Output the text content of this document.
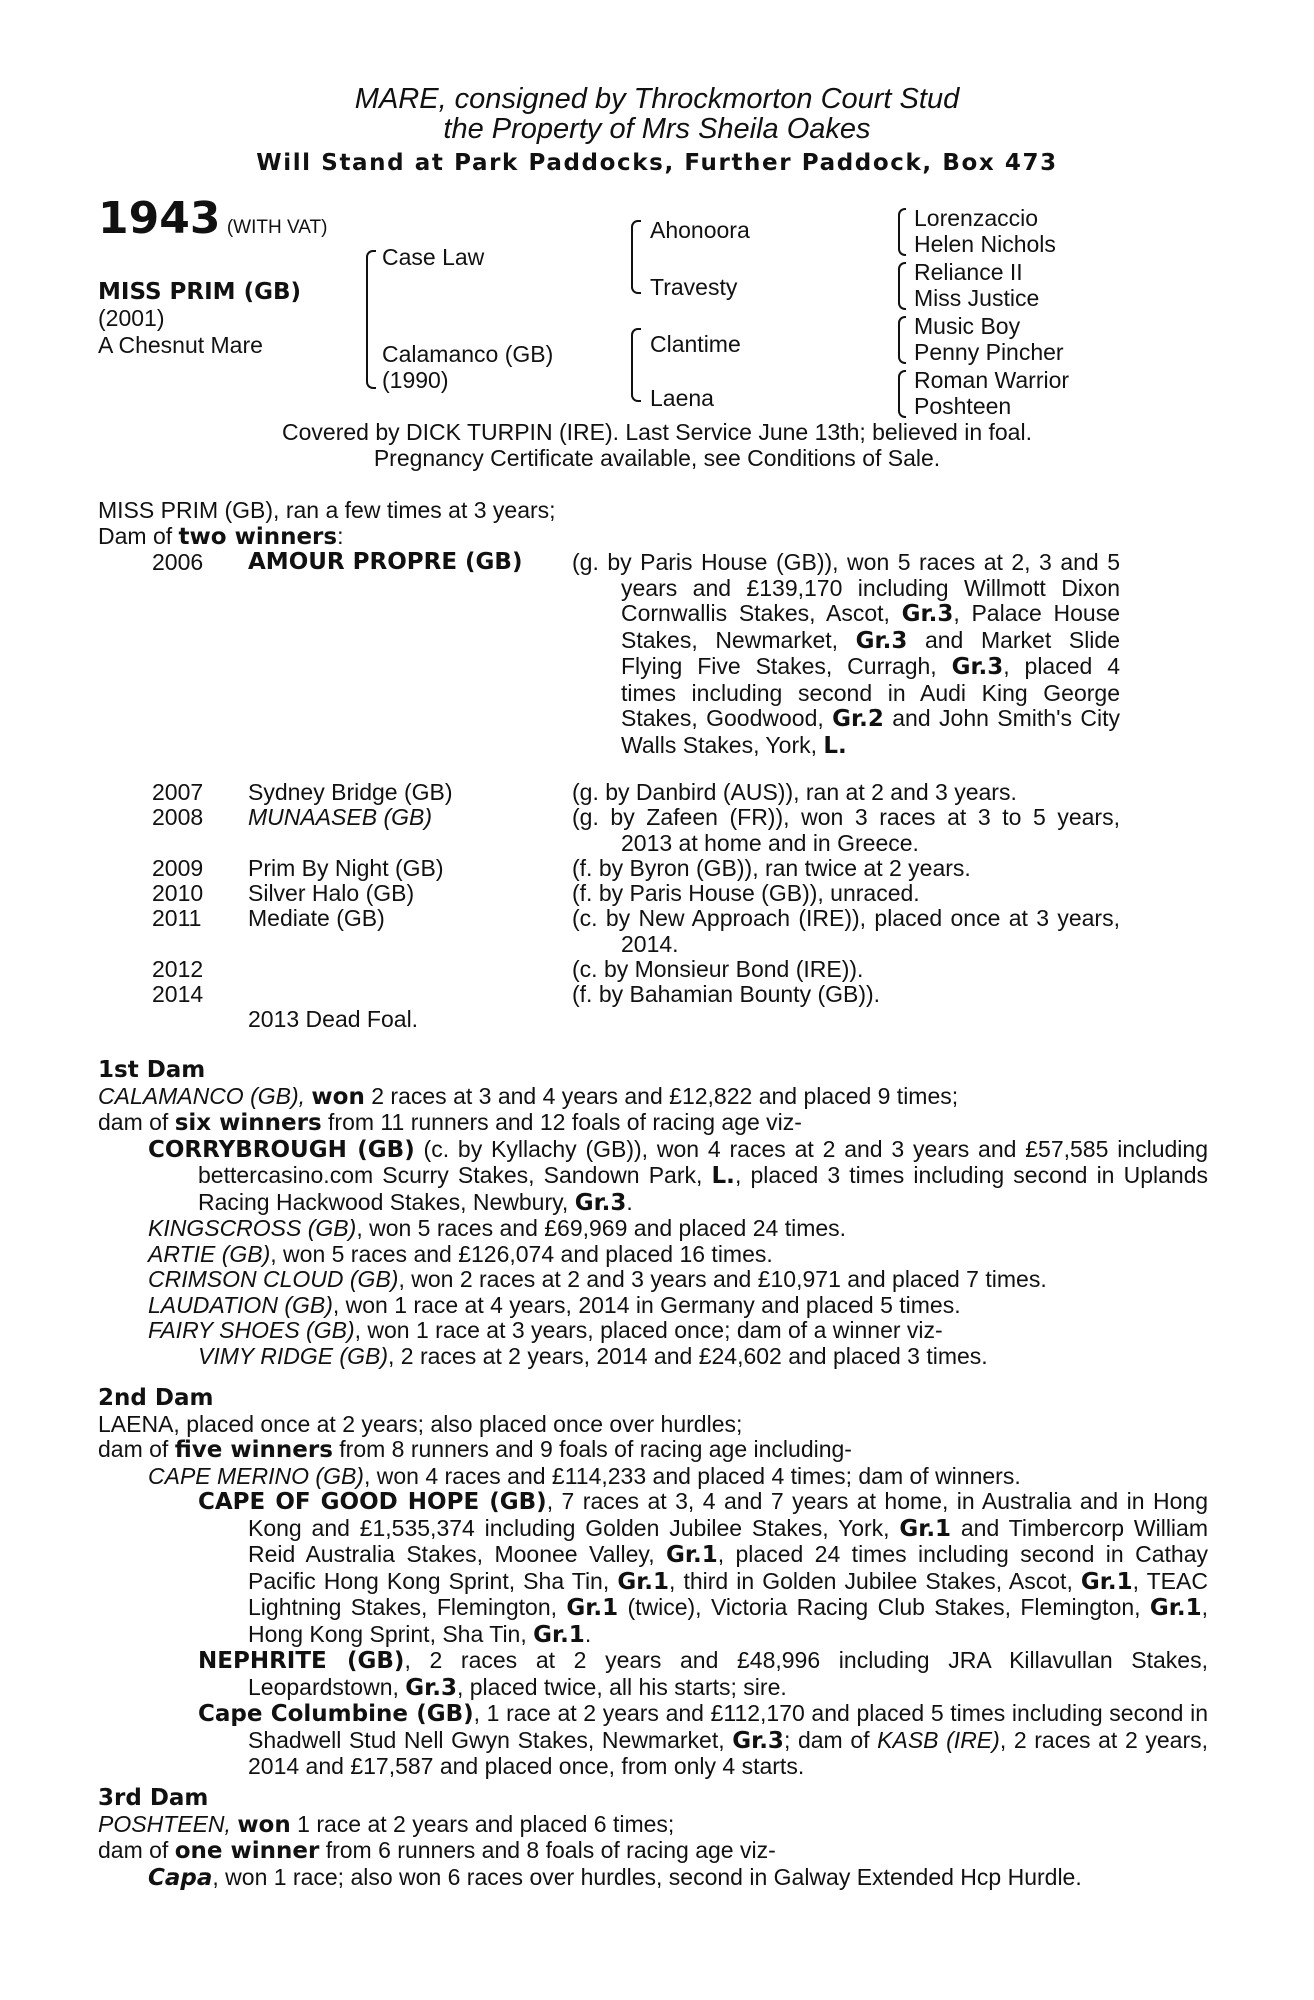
MARE, consigned by Throckmorton Court Stud
the Property of Mrs Sheila Oakes
Will Stand at Park Paddocks, Further Paddock, Box 473
1943 (WITH VAT)
MISS PRIM (GB)
(2001)
A Chesnut Mare
Case Law
Calamanco (GB)
(1990)
Ahonoora
Travesty
Clantime
Laena
Lorenzaccio
Helen Nichols
Reliance II
Miss Justice
Music Boy
Penny Pincher
Roman Warrior
Poshteen
Covered by DICK TURPIN (IRE). Last Service June 13th; believed in foal.
Pregnancy Certificate available, see Conditions of Sale.
MISS PRIM (GB), ran a few times at 3 years;
Dam of two winners:
2006 AMOUR PROPRE (GB) (g. by Paris House (GB)), won 5 races at 2, 3 and 5 years and £139,170 including Willmott Dixon Cornwallis Stakes, Ascot, Gr.3, Palace House Stakes, Newmarket, Gr.3 and Market Slide Flying Five Stakes, Curragh, Gr.3, placed 4 times including second in Audi King George Stakes, Goodwood, Gr.2 and John Smith's City Walls Stakes, York, L.
2007 Sydney Bridge (GB)	(g. by Danbird (AUS)), ran at 2 and 3 years.
2008 MUNAASEB (GB)	(g. by Zafeen (FR)), won 3 races at 3 to 5 years, 2013 at home and in Greece.
2009 Prim By Night (GB)	(f. by Byron (GB)), ran twice at 2 years.
2010 Silver Halo (GB)	(f. by Paris House (GB)), unraced.
2011 Mediate (GB)	(c. by New Approach (IRE)), placed once at 3 years, 2014.
2012	(c. by Monsieur Bond (IRE)).
2014	(f. by Bahamian Bounty (GB)).
2013 Dead Foal.
1st Dam
CALAMANCO (GB), won 2 races at 3 and 4 years and £12,822 and placed 9 times;
dam of six winners from 11 runners and 12 foals of racing age viz-
CORRYBROUGH (GB) (c. by Kyllachy (GB)), won 4 races at 2 and 3 years and £57,585 including bettercasino.com Scurry Stakes, Sandown Park, L., placed 3 times including second in Uplands Racing Hackwood Stakes, Newbury, Gr.3.
KINGSCROSS (GB), won 5 races and £69,969 and placed 24 times.
ARTIE (GB), won 5 races and £126,074 and placed 16 times.
CRIMSON CLOUD (GB), won 2 races at 2 and 3 years and £10,971 and placed 7 times.
LAUDATION (GB), won 1 race at 4 years, 2014 in Germany and placed 5 times.
FAIRY SHOES (GB), won 1 race at 3 years, placed once; dam of a winner viz-
VIMY RIDGE (GB), 2 races at 2 years, 2014 and £24,602 and placed 3 times.
2nd Dam
LAENA, placed once at 2 years; also placed once over hurdles;
dam of five winners from 8 runners and 9 foals of racing age including-
CAPE MERINO (GB), won 4 races and £114,233 and placed 4 times; dam of winners.
CAPE OF GOOD HOPE (GB), 7 races at 3, 4 and 7 years at home, in Australia and in Hong Kong and £1,535,374 including Golden Jubilee Stakes, York, Gr.1 and Timbercorp William Reid Australia Stakes, Moonee Valley, Gr.1, placed 24 times including second in Cathay Pacific Hong Kong Sprint, Sha Tin, Gr.1, third in Golden Jubilee Stakes, Ascot, Gr.1, TEAC Lightning Stakes, Flemington, Gr.1 (twice), Victoria Racing Club Stakes, Flemington, Gr.1, Hong Kong Sprint, Sha Tin, Gr.1.
NEPHRITE (GB), 2 races at 2 years and £48,996 including JRA Killavullan Stakes, Leopardstown, Gr.3, placed twice, all his starts; sire.
Cape Columbine (GB), 1 race at 2 years and £112,170 and placed 5 times including second in Shadwell Stud Nell Gwyn Stakes, Newmarket, Gr.3; dam of KASB (IRE), 2 races at 2 years, 2014 and £17,587 and placed once, from only 4 starts.
3rd Dam
POSHTEEN, won 1 race at 2 years and placed 6 times;
dam of one winner from 6 runners and 8 foals of racing age viz-
Capa, won 1 race; also won 6 races over hurdles, second in Galway Extended Hcp Hurdle.
